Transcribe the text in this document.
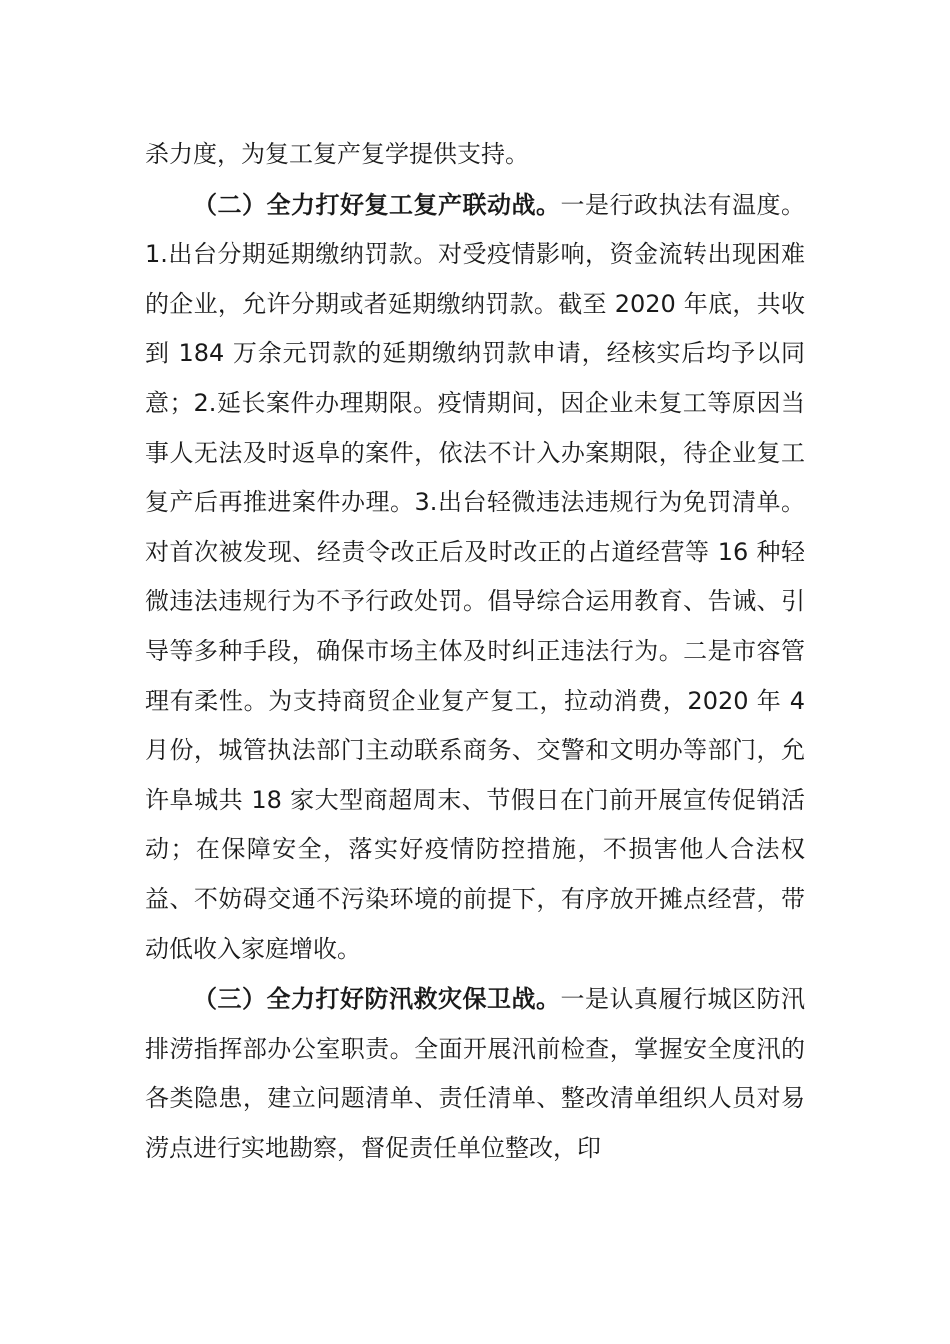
杀力度，为复工复产复学提供支持。

（二）全力打好复工复产联动战。一是行政执法有温度。1.出台分期延期缴纳罚款。对受疫情影响，资金流转出现困难的企业，允许分期或者延期缴纳罚款。截至 2020 年底，共收到 184 万余元罚款的延期缴纳罚款申请，经核实后均予以同意；2.延长案件办理期限。疫情期间，因企业未复工等原因当事人无法及时返阜的案件，依法不计入办案期限，待企业复工复产后再推进案件办理。3.出台轻微违法违规行为免罚清单。对首次被发现、经责令改正后及时改正的占道经营等 16 种轻微违法违规行为不予行政处罚。倡导综合运用教育、告诫、引导等多种手段，确保市场主体及时纠正违法行为。二是市容管理有柔性。为支持商贸企业复产复工，拉动消费，2020 年 4 月份，城管执法部门主动联系商务、交警和文明办等部门，允许阜城共 18 家大型商超周末、节假日在门前开展宣传促销活动；在保障安全，落实好疫情防控措施，不损害他人合法权益、不妨碍交通不污染环境的前提下，有序放开摊点经营，带动低收入家庭增收。

（三）全力打好防汛救灾保卫战。一是认真履行城区防汛排涝指挥部办公室职责。全面开展汛前检查，掌握安全度汛的各类隐患，建立问题清单、责任清单、整改清单组织人员对易涝点进行实地勘察，督促责任单位整改，印
